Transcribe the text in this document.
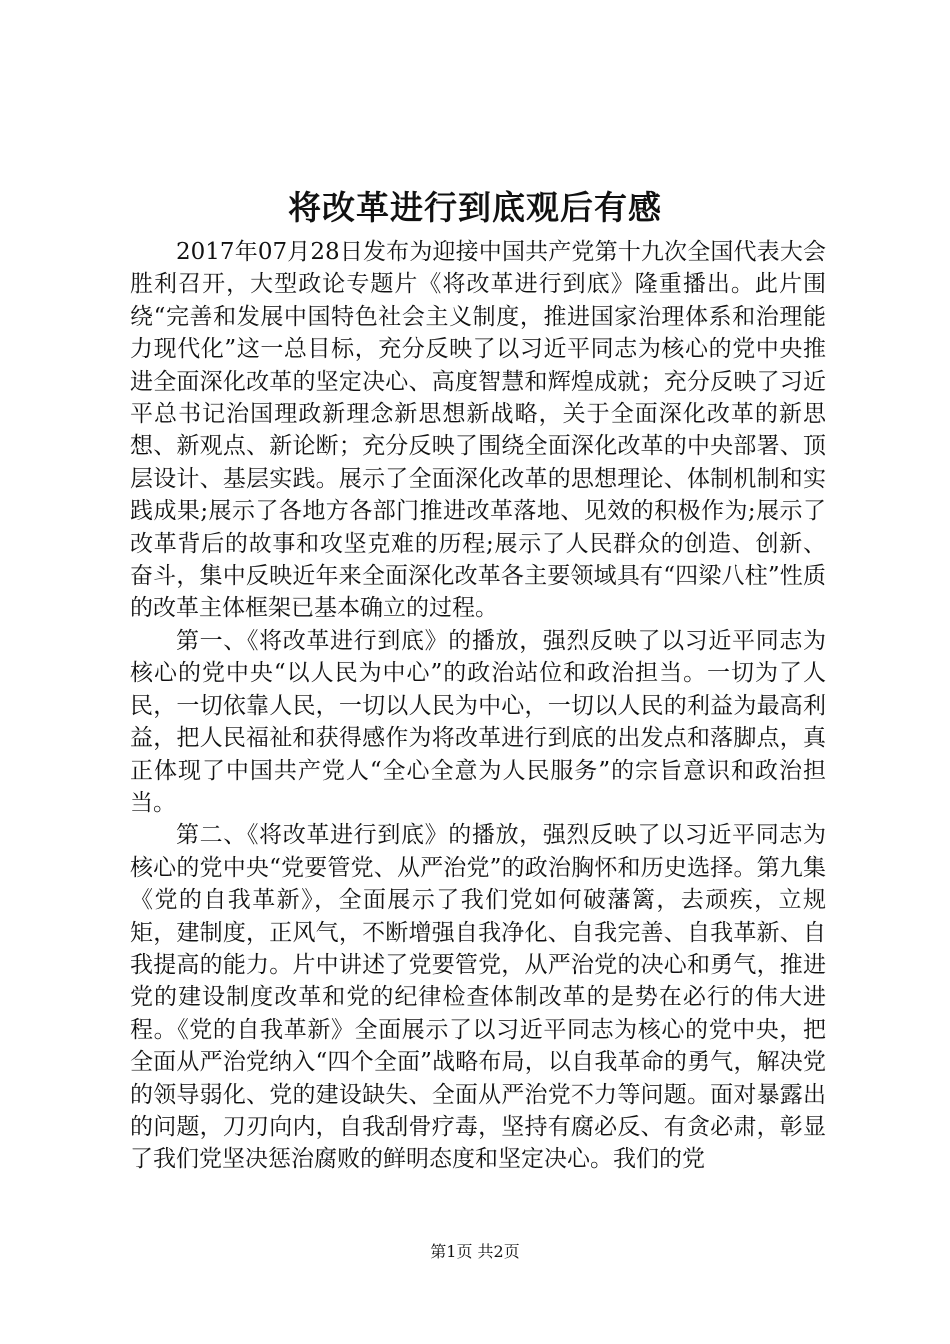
将改革进行到底观后有感

2017年07月28日发布为迎接中国共产党第十九次全国代表大会胜利召开，大型政论专题片《将改革进行到底》隆重播出。此片围绕“完善和发展中国特色社会主义制度，推进国家治理体系和治理能力现代化”这一总目标，充分反映了以习近平同志为核心的党中央推进全面深化改革的坚定决心、高度智慧和辉煌成就；充分反映了习近平总书记治国理政新理念新思想新战略，关于全面深化改革的新思想、新观点、新论断；充分反映了围绕全面深化改革的中央部署、顶层设计、基层实践。展示了全面深化改革的思想理论、体制机制和实践成果;展示了各地方各部门推进改革落地、见效的积极作为;展示了改革背后的故事和攻坚克难的历程;展示了人民群众的创造、创新、奋斗，集中反映近年来全面深化改革各主要领域具有“四梁八柱”性质的改革主体框架已基本确立的过程。

第一、《将改革进行到底》的播放，强烈反映了以习近平同志为核心的党中央“以人民为中心”的政治站位和政治担当。一切为了人民，一切依靠人民，一切以人民为中心，一切以人民的利益为最高利益，把人民福祉和获得感作为将改革进行到底的出发点和落脚点，真正体现了中国共产党人“全心全意为人民服务”的宗旨意识和政治担当。

第二、《将改革进行到底》的播放，强烈反映了以习近平同志为核心的党中央“党要管党、从严治党”的政治胸怀和历史选择。第九集《党的自我革新》，全面展示了我们党如何破藩篱，去顽疾，立规矩，建制度，正风气，不断增强自我净化、自我完善、自我革新、自我提高的能力。片中讲述了党要管党，从严治党的决心和勇气，推进党的建设制度改革和党的纪律检查体制改革的是势在必行的伟大进程。《党的自我革新》全面展示了以习近平同志为核心的党中央，把全面从严治党纳入“四个全面”战略布局，以自我革命的勇气，解决党的领导弱化、党的建设缺失、全面从严治党不力等问题。面对暴露出的问题，刀刃向内，自我刮骨疗毒，坚持有腐必反、有贪必肃，彰显了我们党坚决惩治腐败的鲜明态度和坚定决心。我们的党

第1页 共2页
